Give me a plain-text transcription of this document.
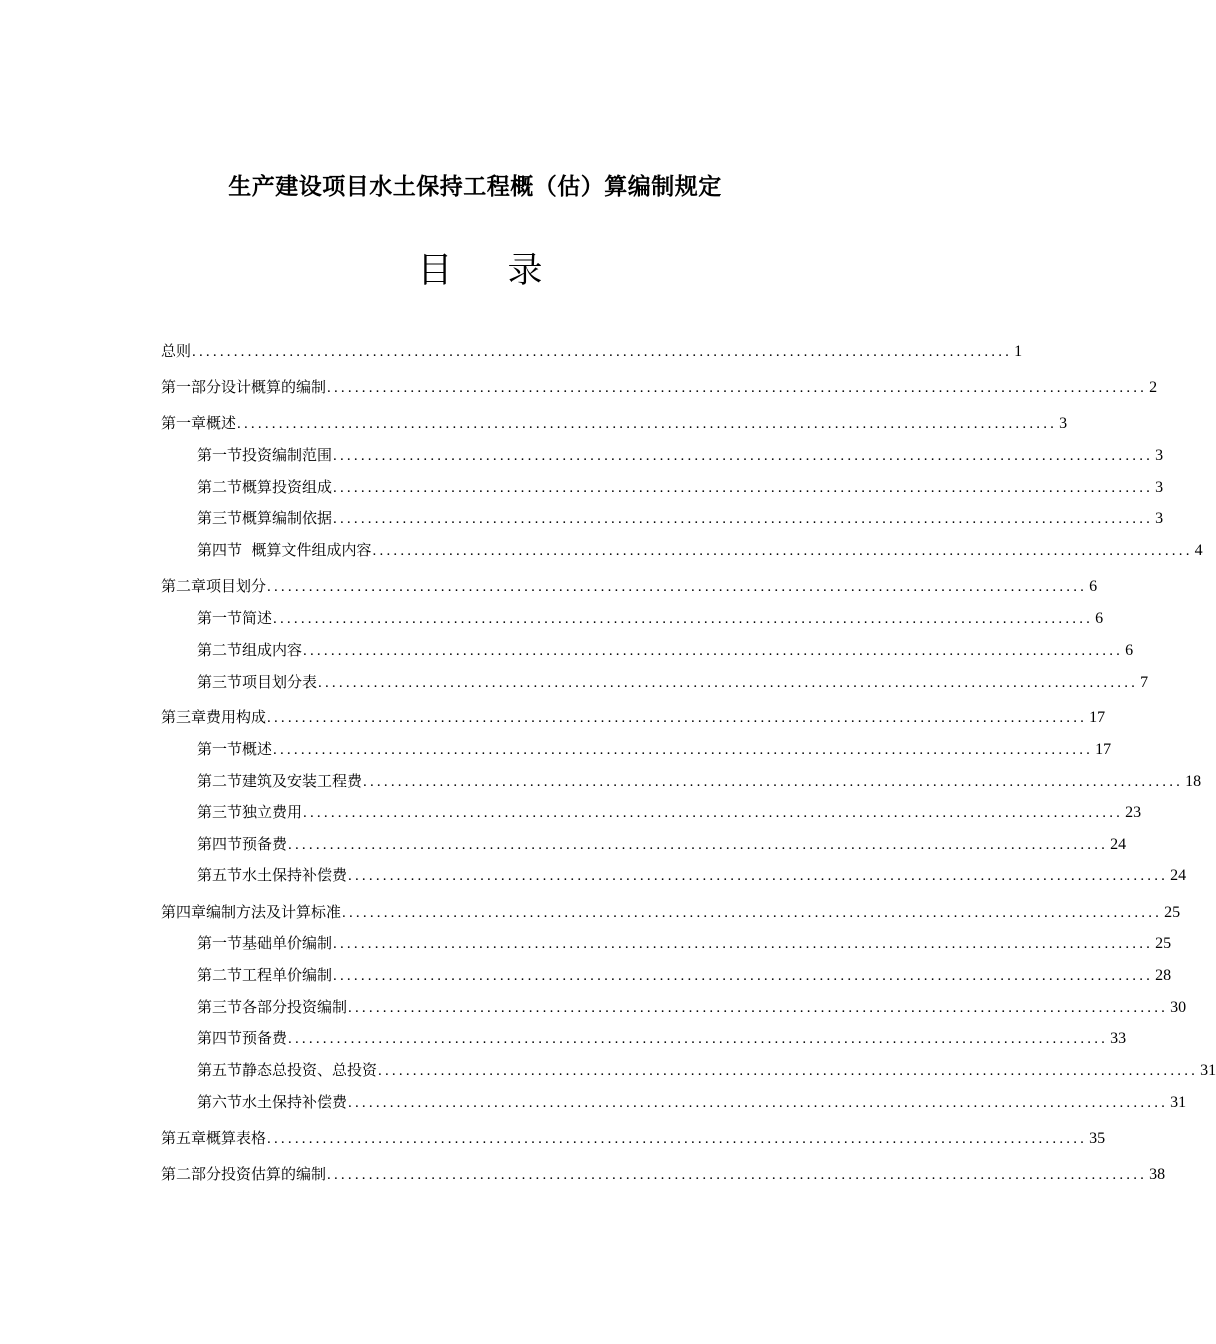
生产建设项目水土保持工程概（估）算编制规定
目 录
总则 ...................................................................................................................... 1
第一部分设计概算的编制 ...................................................................................................................... 2
第一章概述 ...................................................................................................................... 3
第一节投资编制范围 ...................................................................................................................... 3
第二节概算投资组成 ...................................................................................................................... 3
第三节概算编制依据 ...................................................................................................................... 3
第四节  概算文件组成内容 ...................................................................................................................... 4
第二章项目划分 ...................................................................................................................... 6
第一节简述 ...................................................................................................................... 6
第二节组成内容 ...................................................................................................................... 6
第三节项目划分表 ...................................................................................................................... 7
第三章费用构成 ...................................................................................................................... 17
第一节概述 ...................................................................................................................... 17
第二节建筑及安装工程费 ...................................................................................................................... 18
第三节独立费用 ...................................................................................................................... 23
第四节预备费 ...................................................................................................................... 24
第五节水土保持补偿费 ...................................................................................................................... 24
第四章编制方法及计算标准 ...................................................................................................................... 25
第一节基础单价编制 ...................................................................................................................... 25
第二节工程单价编制 ...................................................................................................................... 28
第三节各部分投资编制 ...................................................................................................................... 30
第四节预备费 ...................................................................................................................... 33
第五节静态总投资、总投资 ...................................................................................................................... 31
第六节水土保持补偿费 ...................................................................................................................... 31
第五章概算表格 ...................................................................................................................... 35
第二部分投资估算的编制 ...................................................................................................................... 38
